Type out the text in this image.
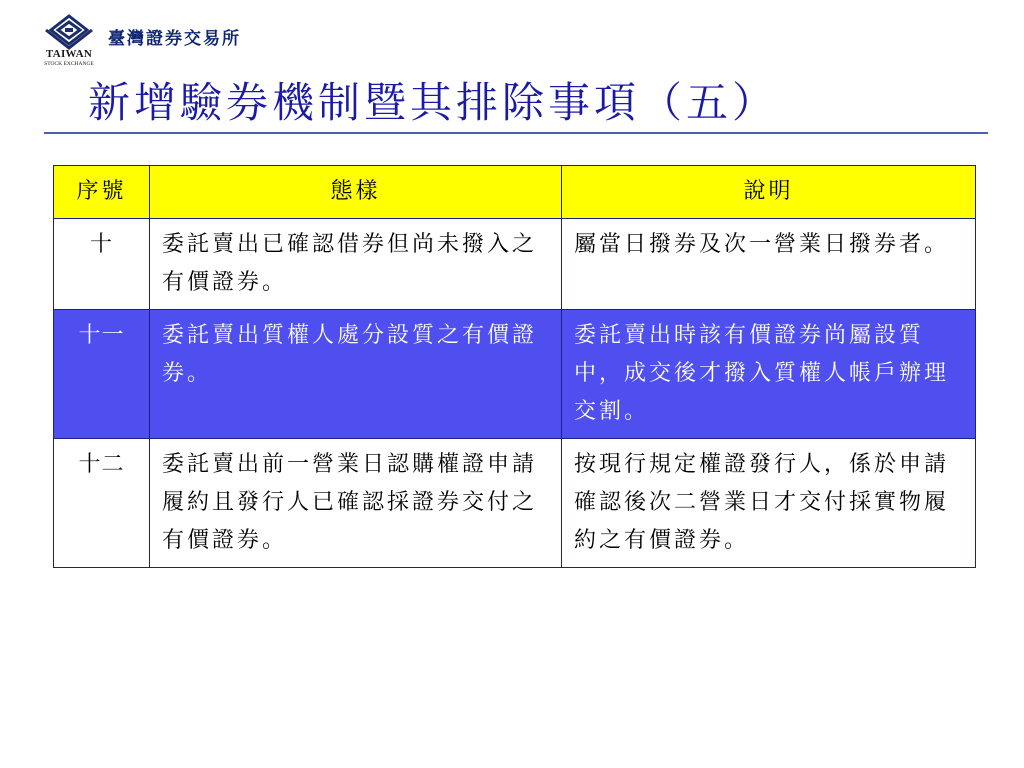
TAIWAN
STOCK EXCHANGE
臺灣證券交易所
新增驗券機制暨其排除事項（五）
序號	態樣	說明
十	委託賣出已確認借券但尚未撥入之有價證券。	屬當日撥券及次一營業日撥券者。
十一	委託賣出質權人處分設質之有價證券。	委託賣出時該有價證券尚屬設質中，成交後才撥入質權人帳戶辦理交割。
十二	委託賣出前一營業日認購權證申請履約且發行人已確認採證券交付之有價證券。	按現行規定權證發行人，係於申請確認後次二營業日才交付採實物履約之有價證券。
